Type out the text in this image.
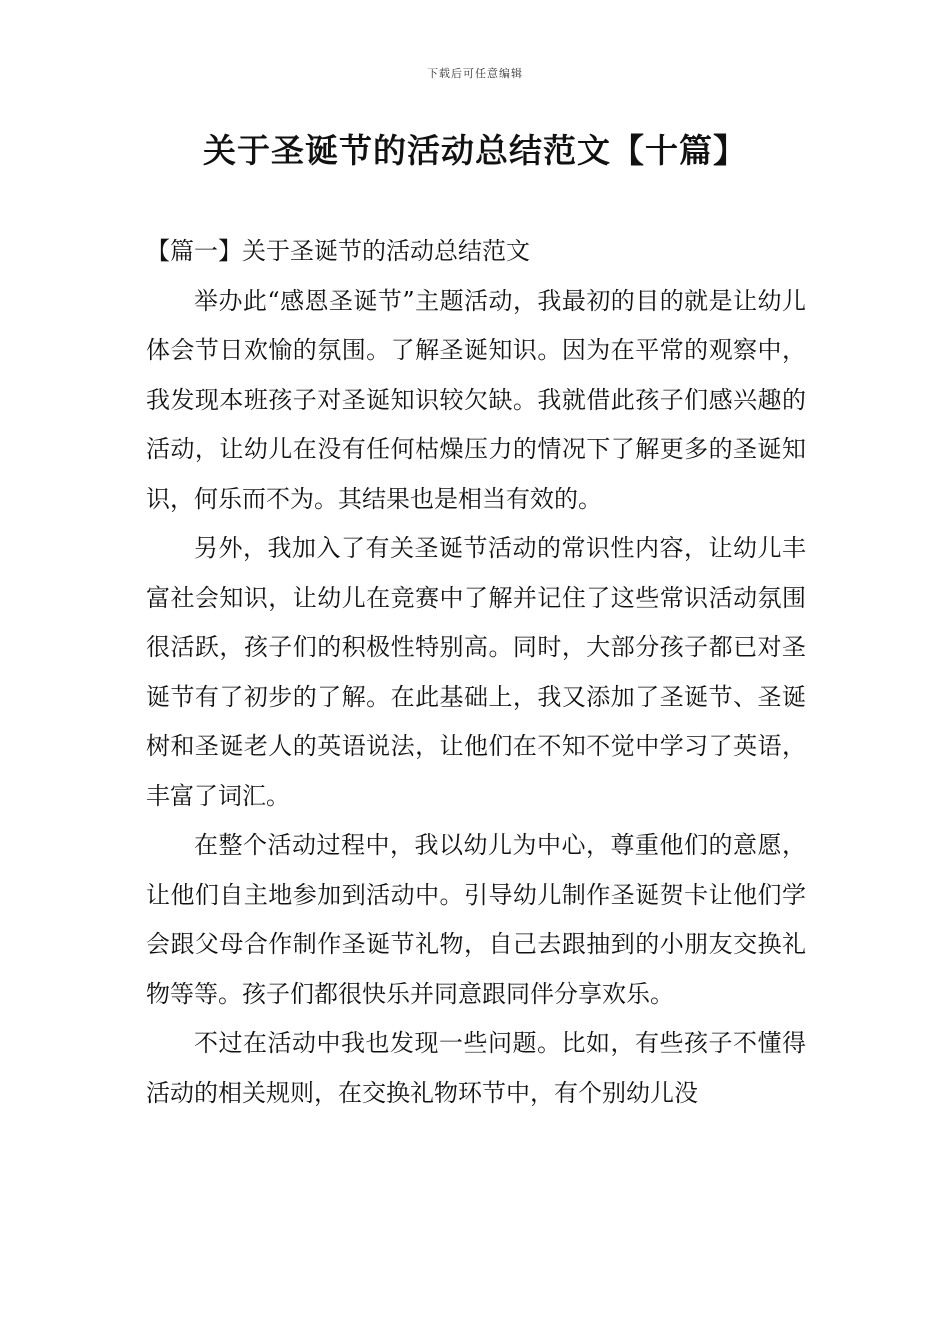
下载后可任意编辑
关于圣诞节的活动总结范文【十篇】
【篇一】关于圣诞节的活动总结范文

举办此“感恩圣诞节”主题活动，我最初的目的就是让幼儿体会节日欢愉的氛围。了解圣诞知识。因为在平常的观察中，我发现本班孩子对圣诞知识较欠缺。我就借此孩子们感兴趣的活动，让幼儿在没有任何枯燥压力的情况下了解更多的圣诞知识，何乐而不为。其结果也是相当有效的。

另外，我加入了有关圣诞节活动的常识性内容，让幼儿丰富社会知识，让幼儿在竞赛中了解并记住了这些常识活动氛围很活跃，孩子们的积极性特别高。同时，大部分孩子都已对圣诞节有了初步的了解。在此基础上，我又添加了圣诞节、圣诞树和圣诞老人的英语说法，让他们在不知不觉中学习了英语，丰富了词汇。

在整个活动过程中，我以幼儿为中心，尊重他们的意愿，让他们自主地参加到活动中。引导幼儿制作圣诞贺卡让他们学会跟父母合作制作圣诞节礼物，自己去跟抽到的小朋友交换礼物等等。孩子们都很快乐并同意跟同伴分享欢乐。

不过在活动中我也发现一些问题。比如，有些孩子不懂得活动的相关规则，在交换礼物环节中，有个别幼儿没
